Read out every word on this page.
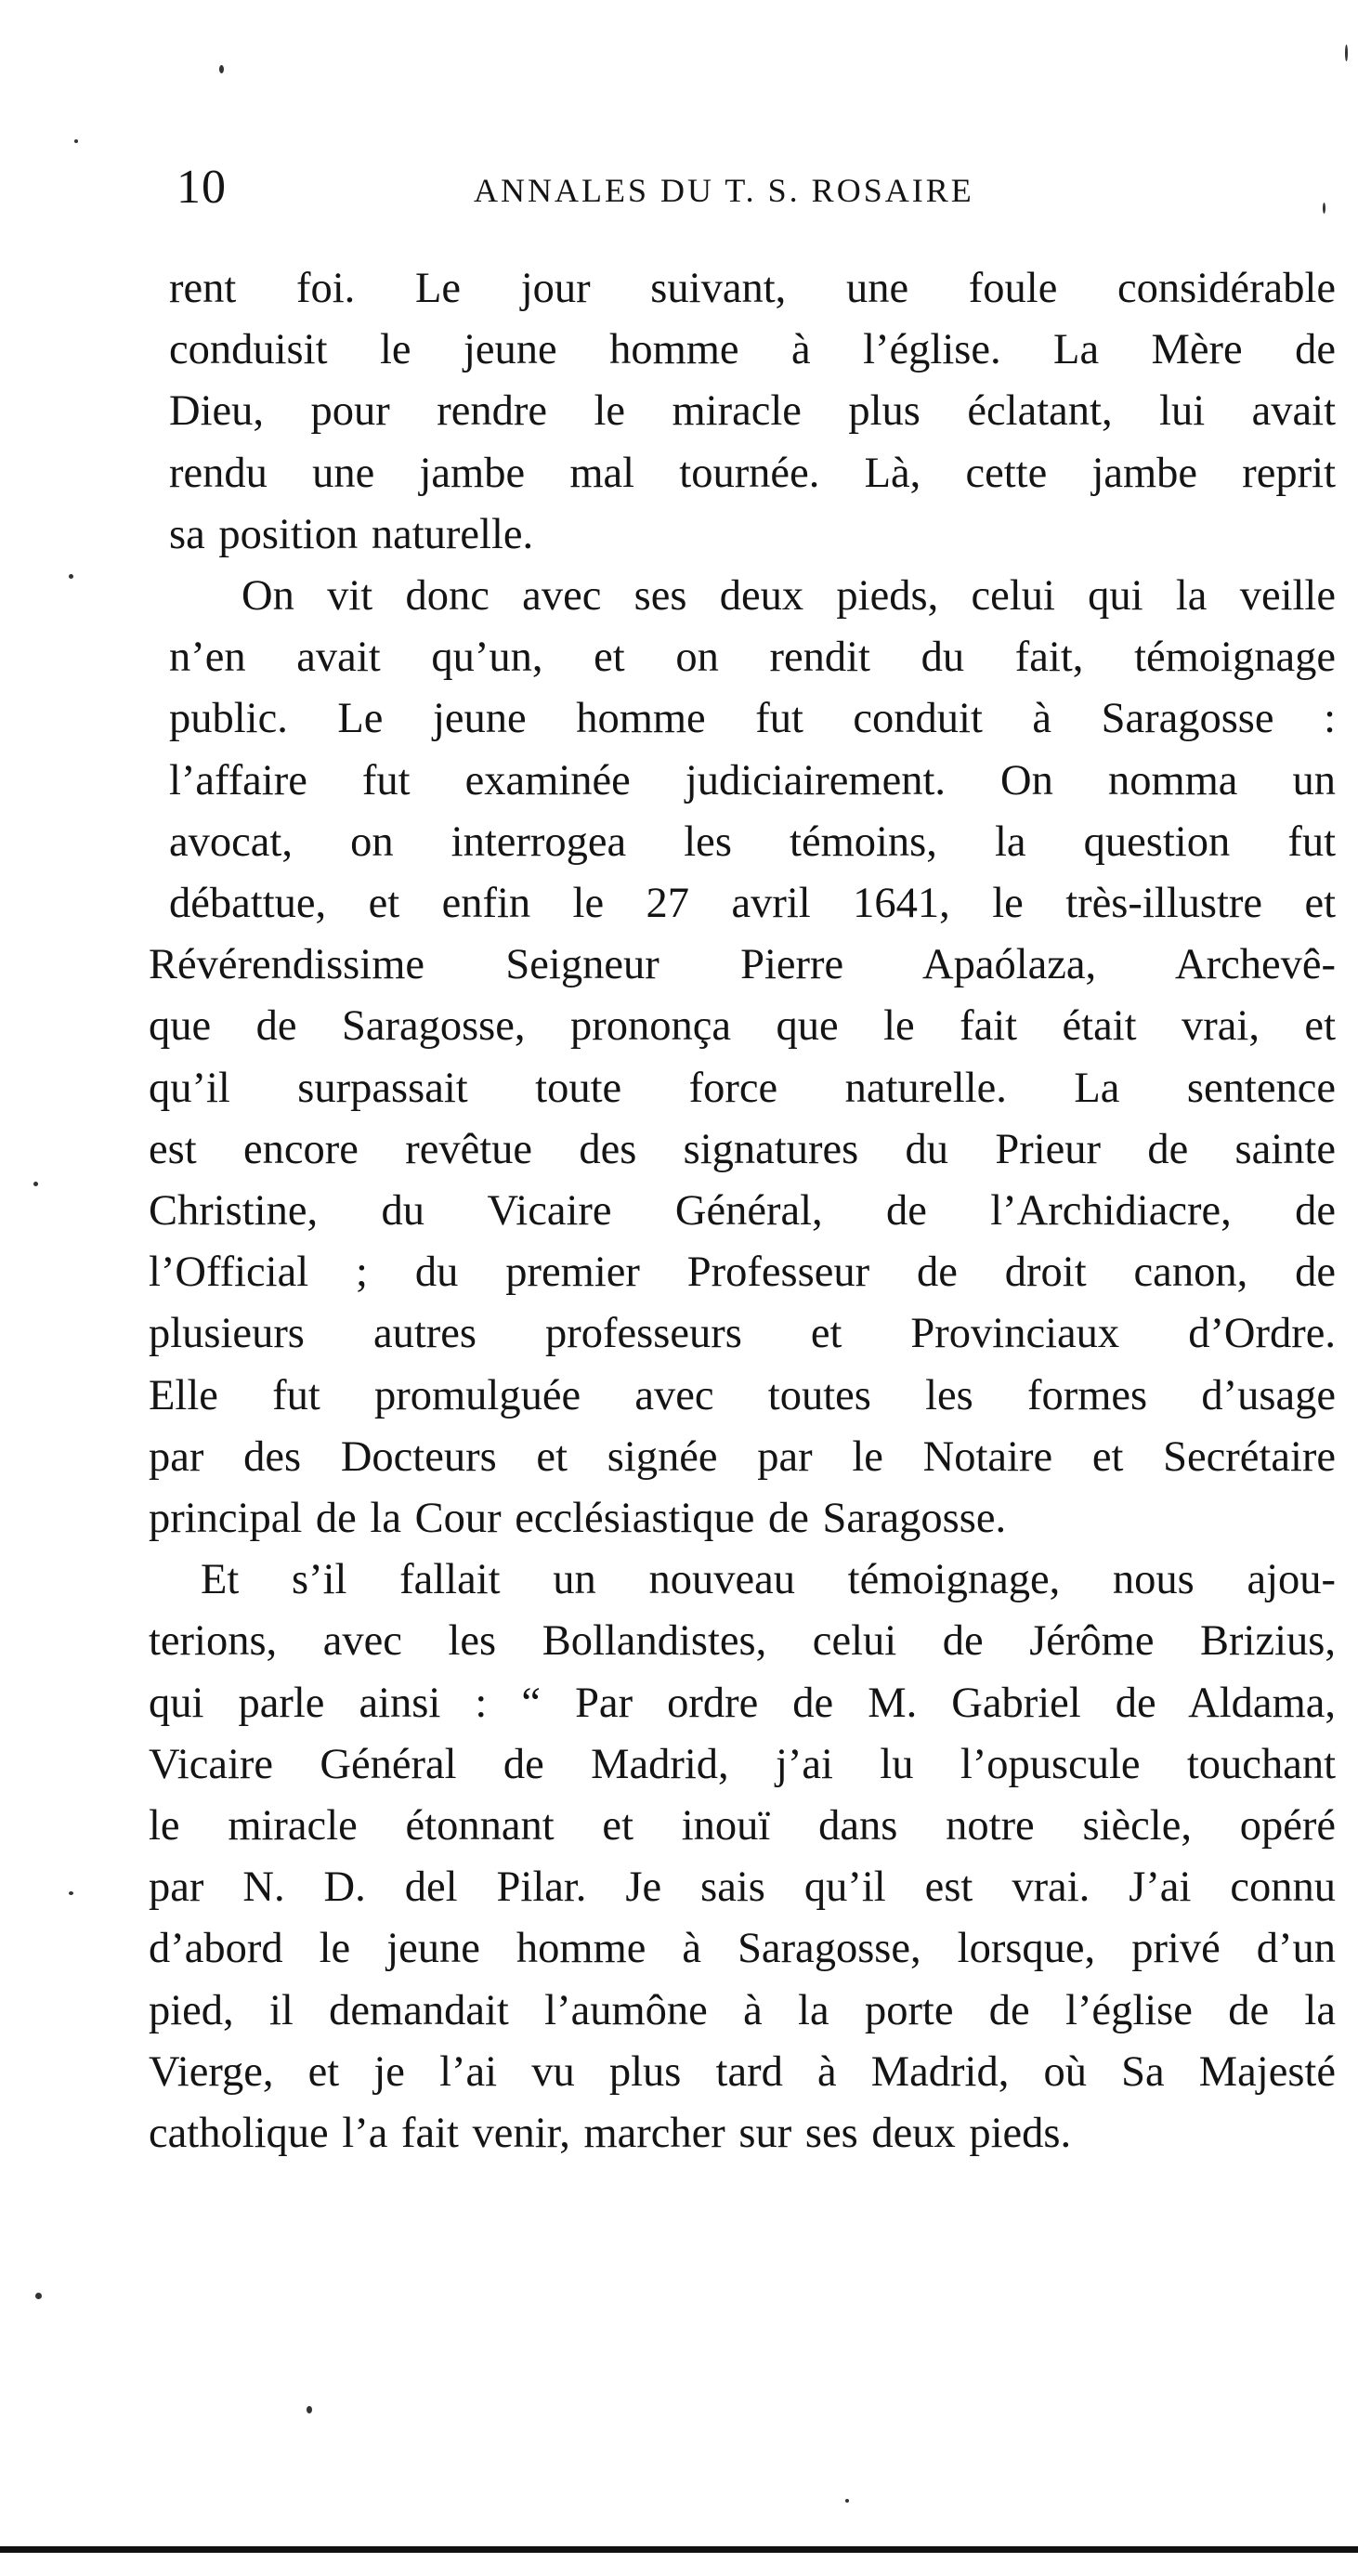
10	ANNALES DU T. S. ROSAIRE
rent foi. Le jour suivant, une foule considérable
conduisit le jeune homme à l’église. La Mère de
Dieu, pour rendre le miracle plus éclatant, lui avait
rendu une jambe mal tournée. Là, cette jambe reprit
sa position naturelle.
On vit donc avec ses deux pieds, celui qui la veille
n’en avait qu’un, et on rendit du fait, témoignage
public. Le jeune homme fut conduit à Saragosse :
l’affaire fut examinée judiciairement. On nomma un
avocat, on interrogea les témoins, la question fut
débattue, et enfin le 27 avril 1641, le très-illustre et
Révérendissime Seigneur Pierre Apaólaza, Archevê-
que de Saragosse, prononça que le fait était vrai, et
qu’il surpassait toute force naturelle. La sentence
est encore revêtue des signatures du Prieur de sainte
Christine, du Vicaire Général, de l’Archidiacre, de
l’Official ; du premier Professeur de droit canon, de
plusieurs autres professeurs et Provinciaux d’Ordre.
Elle fut promulguée avec toutes les formes d’usage
par des Docteurs et signée par le Notaire et Secrétaire
principal de la Cour ecclésiastique de Saragosse.
Et s’il fallait un nouveau témoignage, nous ajou-
terions, avec les Bollandistes, celui de Jérôme Brizius,
qui parle ainsi : “ Par ordre de M. Gabriel de Aldama,
Vicaire Général de Madrid, j’ai lu l’opuscule touchant
le miracle étonnant et inouï dans notre siècle, opéré
par N. D. del Pilar. Je sais qu’il est vrai. J’ai connu
d’abord le jeune homme à Saragosse, lorsque, privé d’un
pied, il demandait l’aumône à la porte de l’église de la
Vierge, et je l’ai vu plus tard à Madrid, où Sa Majesté
catholique l’a fait venir, marcher sur ses deux pieds.
